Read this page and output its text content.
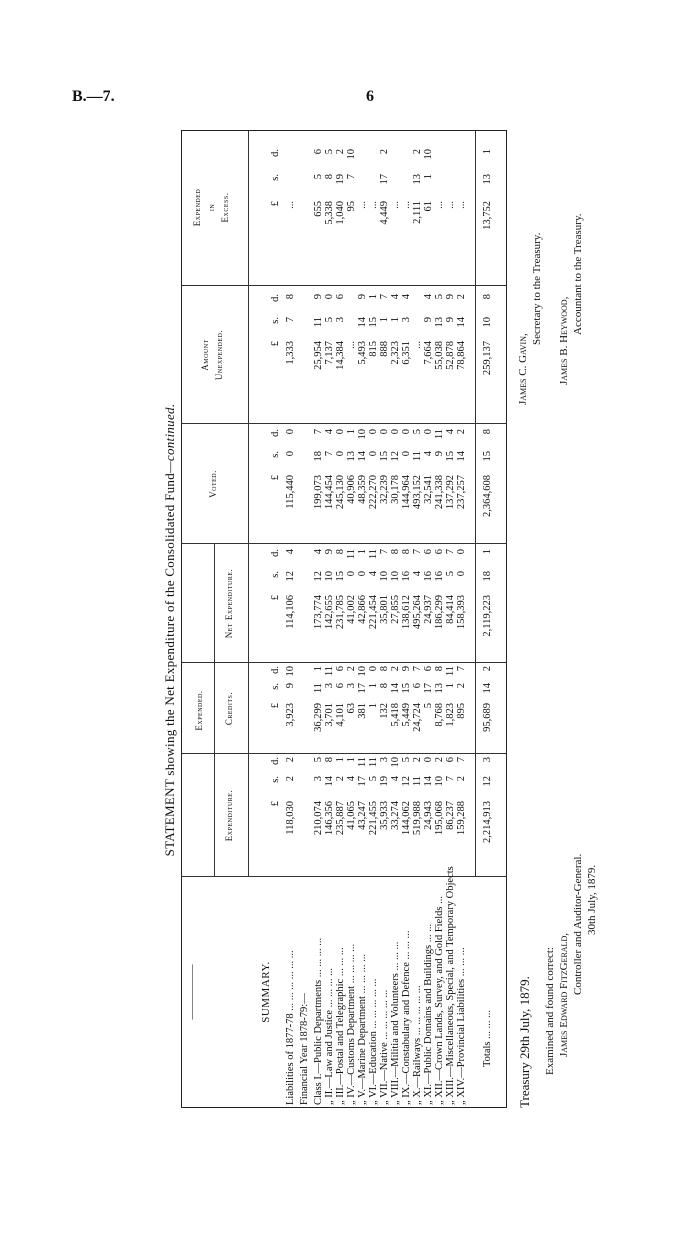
B.—7.	6
STATEMENT showing the Net Expenditure of the Consolidated Fund—continued.
—————
Expended.
Expenditure.
Credits.
Net Expenditure.
Voted.
Amount Unexpended.
Expended in Excess.
SUMMARY.
£
s.
d.
£
s.
d.
£
s.
d.
£
s.
d.
£
s.
d.
£
s.
d.
Liabilities of 1877-78 ... ... ... ... ... ...
118,030
2
2
3,923
9
10
114,106
12
4
115,440
0
0
1,333
7
8
...
Financial Year 1878-79:— Class I.—Public Departments ... ... ... ...
210,074
3
5
36,299
11
1
173,774
12
4
199,073
18
7
25,954
11
9
655
5
6
„ II.—Law and Justice ... ... ... ...
146,356
14
8
3,701
3
11
142,655
10
9
144,454
7
4
7,137
5
0
5,338
8
5
„ III.—Postal and Telegraphic ... ... ...
235,887
2
1
4,101
6
6
231,785
15
8
245,130
0
0
14,384
3
6
1,040
19
2
„ IV.—Customs Department ... ... ... ...
41,065
4
1
63
3
2
41,002
0
11
40,906
13
1
...
95
7
10
„ V.—Marine Department ... ... ... ...
43,247
17
11
381
17
10
42,866
0
1
48,359
14
10
5,493
14
9
...
„ VI.—Education ... ... ... ... ...
221,455
5
11
1
1
0
221,454
4
11
222,270
0
0
815
15
1
...
„ VII.—Native ... ... ... ... ...
35,933
19
3
132
8
8
35,801
10
7
32,239
15
0
888
1
7
4,449
17
2
„ VIII.—Militia and Volunteers ... ... ...
33,274
4
10
5,418
14
2
27,855
10
8
30,178
12
0
2,323
1
4
...
„ IX.—Constabulary and Defence ... ... ...
144,062
12
5
5,449
15
9
138,612
16
8
144,964
0
0
6,351
3
4
...
„ X.—Railways ... ... ... ... ...
519,988
11
2
24,724
6
7
495,264
4
7
493,152
11
5
...
2,111
13
2
„ XI.—Public Domains and Buildings ... ...
24,943
14
0
5
17
6
24,937
16
6
32,541
4
0
7,664
9
4
61
1
10
„ XII.—Crown Lands, Survey, and Gold Fields ...
195,068
10
2
8,768
13
8
186,299
16
6
241,338
9
11
55,038
13
5
...
„ XIII.—Miscellaneous, Special, and Temporary Objects
86,237
7
6
1,823
1
11
84,414
5
7
137,292
15
4
52,878
9
9
...
„ XIV.—Provincial Liabilities ... ... ...
159,288
2
7
895
2
7
158,393
0
0
237,257
14
2
78,864
14
2
...
Totals ... ... ...
2,214,913
12
3
95,689
14
2
2,119,223
18
1
2,364,608
15
8
259,137
10
8
13,752
13
1
Treasury 29th July, 1879. Examined and found correct: James Edward FitzGerald,
Controller and Auditor-General. 30th July, 1879.
James C. Gavin,
Secretary to the Treasury. James B. Heywood,
Accountant to the Treasury.
